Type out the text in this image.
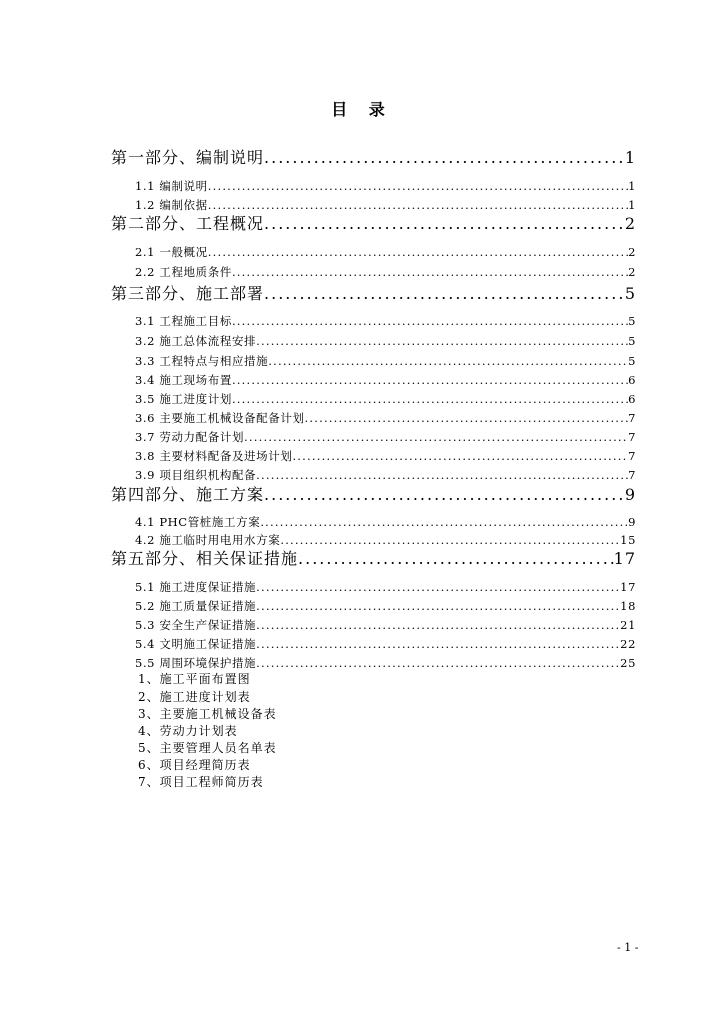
目 录
第一部分、编制说明 .....	1
1.1 编制说明 .....	1
1.2 编制依据 .....	1
第二部分、工程概况 .....	2
2.1 一般概况 .....	2
2.2 工程地质条件 .....	2
第三部分、施工部署 .....	5
3.1 工程施工目标 .....	5
3.2 施工总体流程安排 .....	5
3.3 工程特点与相应措施 .....	5
3.4 施工现场布置 .....	6
3.5 施工进度计划 .....	6
3.6 主要施工机械设备配备计划 .....	7
3.7 劳动力配备计划 .....	7
3.8 主要材料配备及进场计划 .....	7
3.9 项目组织机构配备 .....	7
第四部分、施工方案 .....	9
4.1 PHC管桩施工方案 .....	9
4.2 施工临时用电用水方案 .....	15
第五部分、相关保证措施 .....	17
5.1 施工进度保证措施 .....	17
5.2 施工质量保证措施 .....	18
5.3 安全生产保证措施 .....	21
5.4 文明施工保证措施 .....	22
5.5 周围环境保护措施 .....	25
1、施工平面布置图
2、施工进度计划表
3、主要施工机械设备表
4、劳动力计划表
5、主要管理人员名单表
6、项目经理简历表
7、项目工程师简历表
- 1 -
